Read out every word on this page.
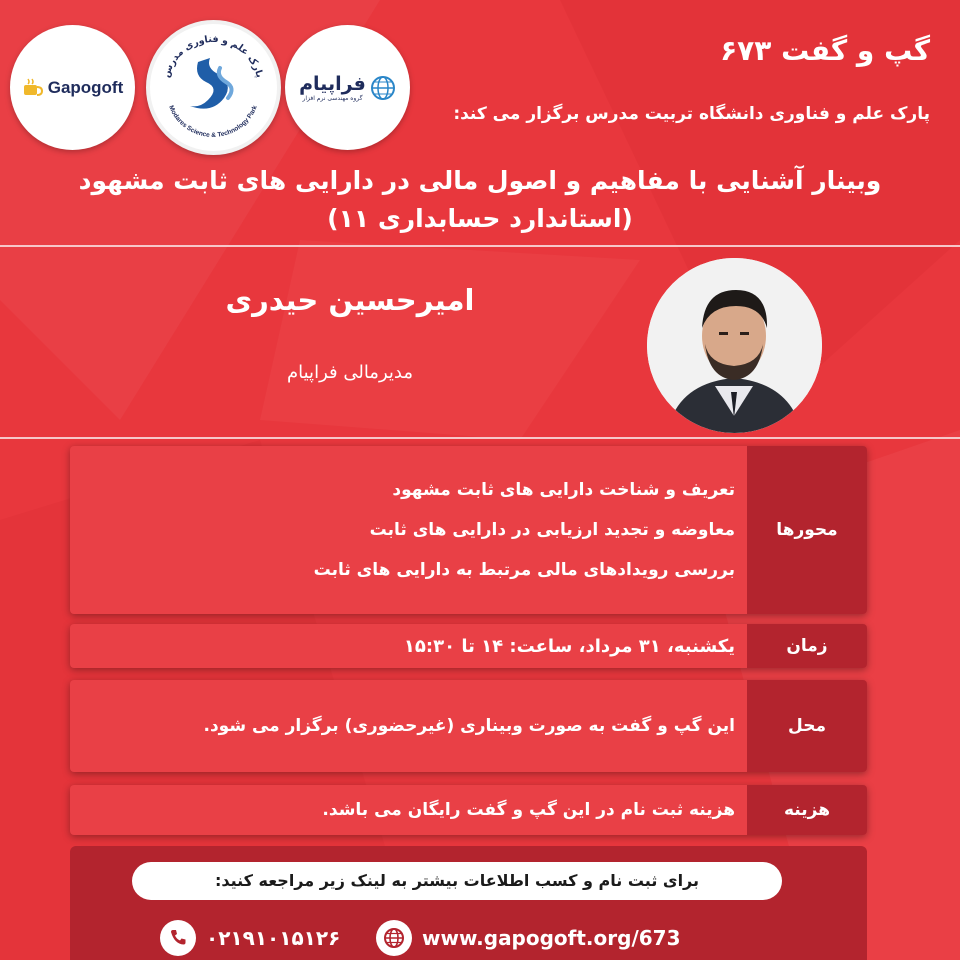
Gapogoft
پارک علم و فناوری مدرس
Modares Science & Technology Park
فراپیام
گروه مهندسی نرم افزار
گپ و گفت ۶۷۳
پارک علم و فناوری دانشگاه تربیت مدرس برگزار می کند:
وبینار آشنایی با مفاهیم و اصول مالی در دارایی های ثابت مشهود
(استاندارد حسابداری ۱۱)
امیرحسین حیدری
مدیرمالی فراپیام
محورها
تعریف و شناخت دارایی های ثابت مشهود
معاوضه و تجدید ارزیابی در دارایی های ثابت
بررسی رویدادهای مالی مرتبط به دارایی های ثابت
زمان
یکشنبه، ۳۱ مرداد، ساعت: ۱۴ تا ۱۵:۳۰
محل
این گپ و گفت به صورت وبیناری (غیرحضوری) برگزار می شود.
هزینه
هزینه ثبت نام در این گپ و گفت رایگان می باشد.
برای ثبت نام و کسب اطلاعات بیشتر به لینک زیر مراجعه کنید:
۰۲۱۹۱۰۱۵۱۲۶	www.gapogoft.org/673
